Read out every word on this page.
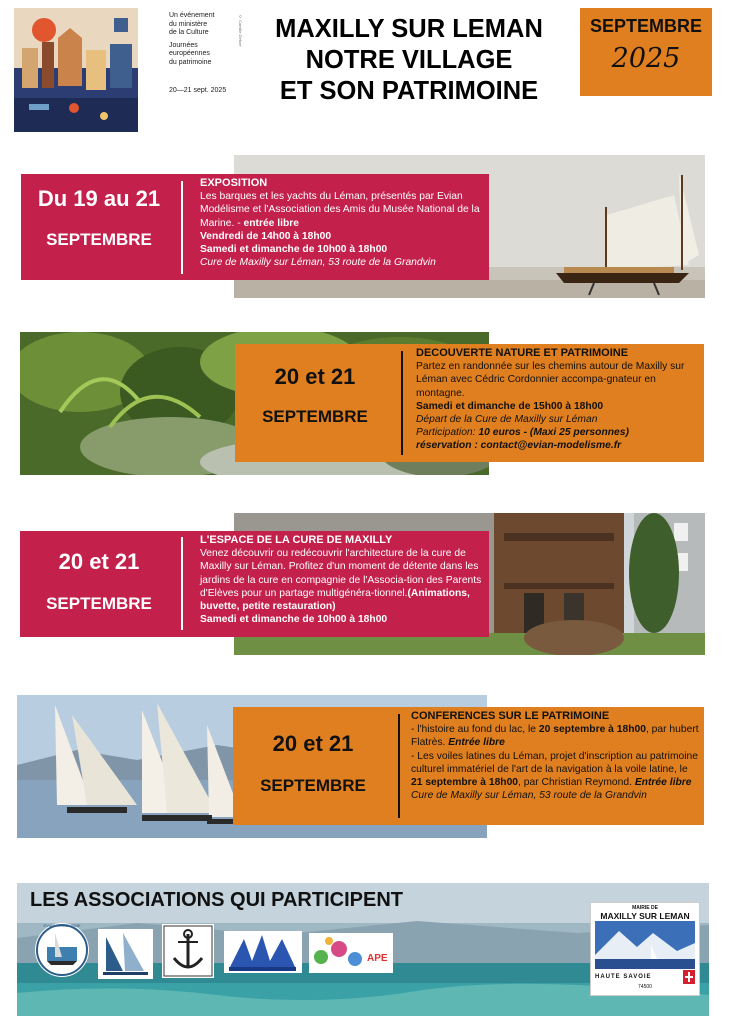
Un événement
du ministère
de la Culture

Journées
européennes
du patrimoine

20—21 sept. 2025

© Camille Deforé	MAXILLY SUR LEMAN
NOTRE VILLAGE
ET SON PATRIMOINE
SEPTEMBRE
2025
Du 19 au 21
SEPTEMBRE
EXPOSITION
Les barques et les yachts du Léman, présentés par Evian Modélisme et l'Association des Amis du Musée National de la Marine. - entrée libre
Vendredi de 14h00 à 18h00
Samedi et dimanche de 10h00 à 18h00
Cure de Maxilly sur Léman, 53 route de la Grandvin
20 et 21
SEPTEMBRE
DECOUVERTE NATURE ET PATRIMOINE
Partez en randonnée sur les chemins autour de Maxilly sur Léman avec Cédric Cordonnier accompa-gnateur en montagne.
Samedi et dimanche de 15h00 à 18h00
Départ de la Cure de Maxilly sur Léman
Participation: 10 euros - (Maxi 25 personnes)
réservation : contact@evian-modelisme.fr
20 et 21
SEPTEMBRE
L'ESPACE DE LA CURE DE MAXILLY
Venez découvrir ou redécouvrir l'architecture de la cure de Maxilly sur Léman. Profitez d'un moment de détente dans les jardins de la cure en compagnie de l'Associa-tion des Parents d'Elèves pour un partage multigénéra-tionnel.(Animations, buvette, petite restauration)
Samedi et dimanche de 10h00 à 18h00
20 et 21
SEPTEMBRE
CONFERENCES SUR LE PATRIMOINE
- l'histoire au fond du lac, le 20 septembre à 18h00, par hubert Flatrès. Entrée libre
- Les voiles latines du Léman, projet d'inscription au patrimoine culturel immatériel de l'art de la navigation à la voile latine, le 21 septembre à 18h00, par Christian Reymond. Entrée libre
Cure de Maxilly sur Léman, 53 route de la Grandvin
LES ASSOCIATIONS QUI PARTICIPENT
EVIAN MODELISME
APE
MAIRIE DE
MAXILLY SUR LEMAN
HAUTE SAVOIE
74500
